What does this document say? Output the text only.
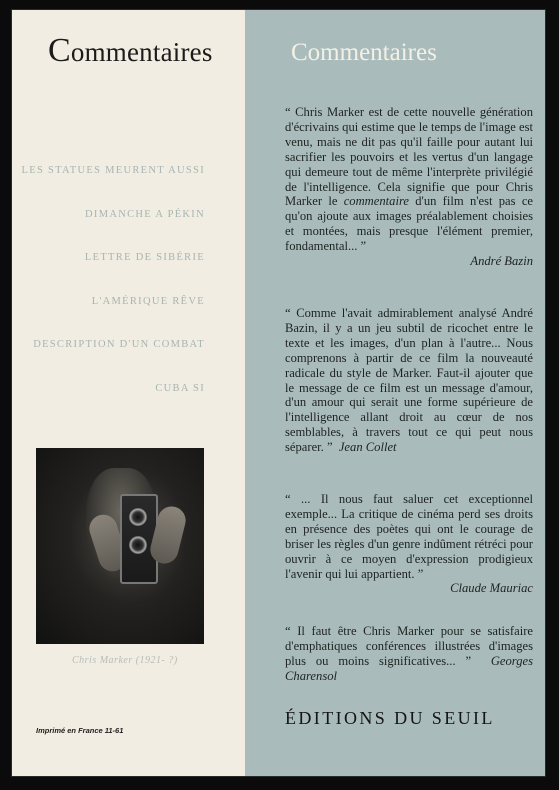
Commentaires
LES STATUES MEURENT AUSSI
DIMANCHE A PÉKIN
LETTRE DE SIBÉRIE
L'AMÉRIQUE RÊVE
DESCRIPTION D'UN COMBAT
CUBA SI
Chris Marker (1921- ?)
Imprimé en France 11-61
Commentaires

“ Chris Marker est de cette nouvelle génération d'écrivains qui estime que le temps de l'image est venu, mais ne dit pas qu'il faille pour autant lui sacrifier les pouvoirs et les vertus d'un langage qui demeure tout de même l'interprète privilégié de l'intelligence. Cela signifie que pour Chris Marker le commentaire d'un film n'est pas ce qu'on ajoute aux images préalablement choisies et montées, mais presque l'élément premier, fondamental... ”

André Bazin

“ Comme l'avait admirablement analysé André Bazin, il y a un jeu subtil de ricochet entre le texte et les images, d'un plan à l'autre... Nous comprenons à partir de ce film la nouveauté radicale du style de Marker. Faut-il ajouter que le message de ce film est un message d'amour, d'un amour qui serait une forme supérieure de l'intelligence allant droit au cœur de nos semblables, à travers tout ce qui peut nous séparer. ” Jean Collet

“ ... Il nous faut saluer cet exceptionnel exemple... La critique de cinéma perd ses droits en présence des poètes qui ont le courage de briser les règles d'un genre indûment rétréci pour ouvrir à ce moyen d'expression prodigieux l'avenir qui lui appartient. ”

Claude Mauriac

“ Il faut être Chris Marker pour se satisfaire d'emphatiques conférences illustrées d'images plus ou moins significatives... ” Georges Charensol

ÉDITIONS DU SEUIL
